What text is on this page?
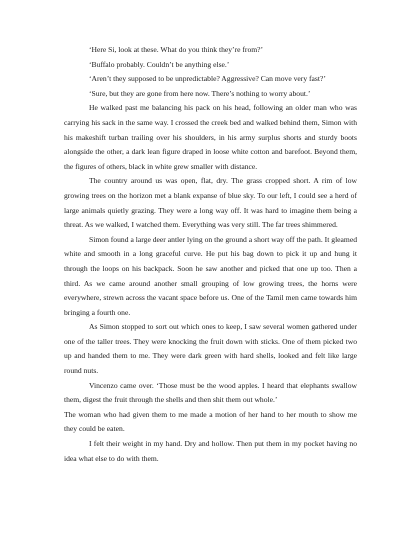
‘Here Si, look at these. What do you think they’re from?’

‘Buffalo probably. Couldn’t be anything else.’

‘Aren’t they supposed to be unpredictable? Aggressive? Can move very fast?’

‘Sure, but they are gone from here now. There’s nothing to worry about.’

He walked past me balancing his pack on his head, following an older man who was carrying his sack in the same way. I crossed the creek bed and walked behind them, Simon with his makeshift turban trailing over his shoulders, in his army surplus shorts and sturdy boots alongside the other, a dark lean figure draped in loose white cotton and barefoot. Beyond them, the figures of others, black in white grew smaller with distance.

The country around us was open, flat, dry. The grass cropped short. A rim of low growing trees on the horizon met a blank expanse of blue sky. To our left, I could see a herd of large animals quietly grazing. They were a long way off. It was hard to imagine them being a threat. As we walked, I watched them. Everything was very still. The far trees shimmered.

Simon found a large deer antler lying on the ground a short way off the path. It gleamed white and smooth in a long graceful curve. He put his bag down to pick it up and hung it through the loops on his backpack. Soon he saw another and picked that one up too. Then a third. As we came around another small grouping of low growing trees, the horns were everywhere, strewn across the vacant space before us. One of the Tamil men came towards him bringing a fourth one.

As Simon stopped to sort out which ones to keep, I saw several women gathered under one of the taller trees. They were knocking the fruit down with sticks. One of them picked two up and handed them to me. They were dark green with hard shells, looked and felt like large round nuts.

Vincenzo came over. ‘Those must be the wood apples. I heard that elephants swallow them, digest the fruit through the shells and then shit them out whole.’

The woman who had given them to me made a motion of her hand to her mouth to show me they could be eaten.

I felt their weight in my hand. Dry and hollow. Then put them in my pocket having no idea what else to do with them.
